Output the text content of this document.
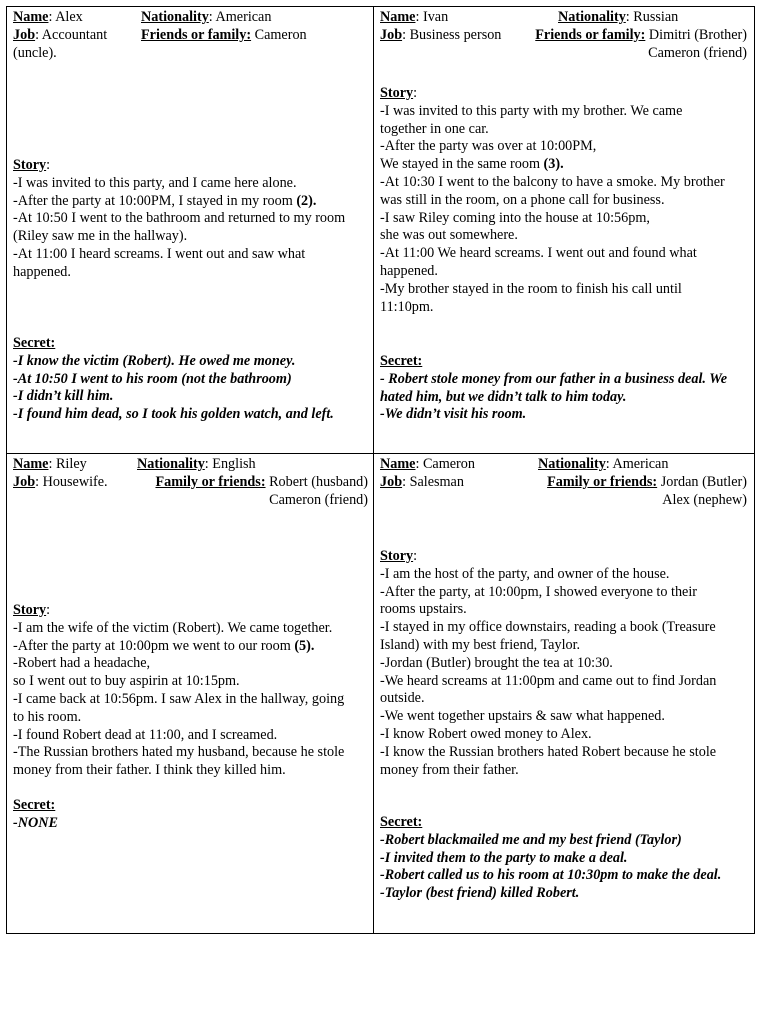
Name: Alex	Nationality: American
Job: Accountant Friends or family: Cameron
(uncle).
Story:
-I was invited to this party, and I came here alone.
-After the party at 10:00PM, I stayed in my room (2).
-At 10:50 I went to the bathroom and returned to my room
(Riley saw me in the hallway).
-At 11:00 I heard screams. I went out and saw what
happened.
Secret:
-I know the victim (Robert). He owed me money.
-At 10:50 I went to his room (not the bathroom)
-I didn’t kill him.
-I found him dead, so I took his golden watch, and left.
Name: Ivan	Nationality: Russian
Job: Business person Friends or family: Dimitri (Brother)
Cameron (friend)
Story:
-I was invited to this party with my brother. We came
together in one car.
-After the party was over at 10:00PM,
We stayed in the same room (3).
-At 10:30 I went to the balcony to have a smoke. My brother
was still in the room, on a phone call for business.
-I saw Riley coming into the house at 10:56pm,
she was out somewhere.
-At 11:00 We heard screams. I went out and found what
happened.
-My brother stayed in the room to finish his call until
11:10pm.
Secret:
- Robert stole money from our father in a business deal. We
hated him, but we didn’t talk to him today.
-We didn’t visit his room.
Name: Riley	Nationality: English
Job: Housewife.	Family or friends: Robert (husband)
Cameron (friend)
Story:
-I am the wife of the victim (Robert). We came together.
-After the party at 10:00pm we went to our room (5).
-Robert had a headache,
so I went out to buy aspirin at 10:15pm.
-I came back at 10:56pm. I saw Alex in the hallway, going
to his room.
-I found Robert dead at 11:00, and I screamed.
-The Russian brothers hated my husband, because he stole
money from their father. I think they killed him.
Secret:
-NONE
Name: Cameron	Nationality: American
Job: Salesman	Family or friends: Jordan (Butler)
Alex (nephew)
Story:
-I am the host of the party, and owner of the house.
-After the party, at 10:00pm, I showed everyone to their
rooms upstairs.
-I stayed in my office downstairs, reading a book (Treasure
Island) with my best friend, Taylor.
-Jordan (Butler) brought the tea at 10:30.
-We heard screams at 11:00pm and came out to find Jordan
outside.
-We went together upstairs & saw what happened.
-I know Robert owed money to Alex.
-I know the Russian brothers hated Robert because he stole
money from their father.
Secret:
-Robert blackmailed me and my best friend (Taylor)
-I invited them to the party to make a deal.
-Robert called us to his room at 10:30pm to make the deal.
-Taylor (best friend) killed Robert.
